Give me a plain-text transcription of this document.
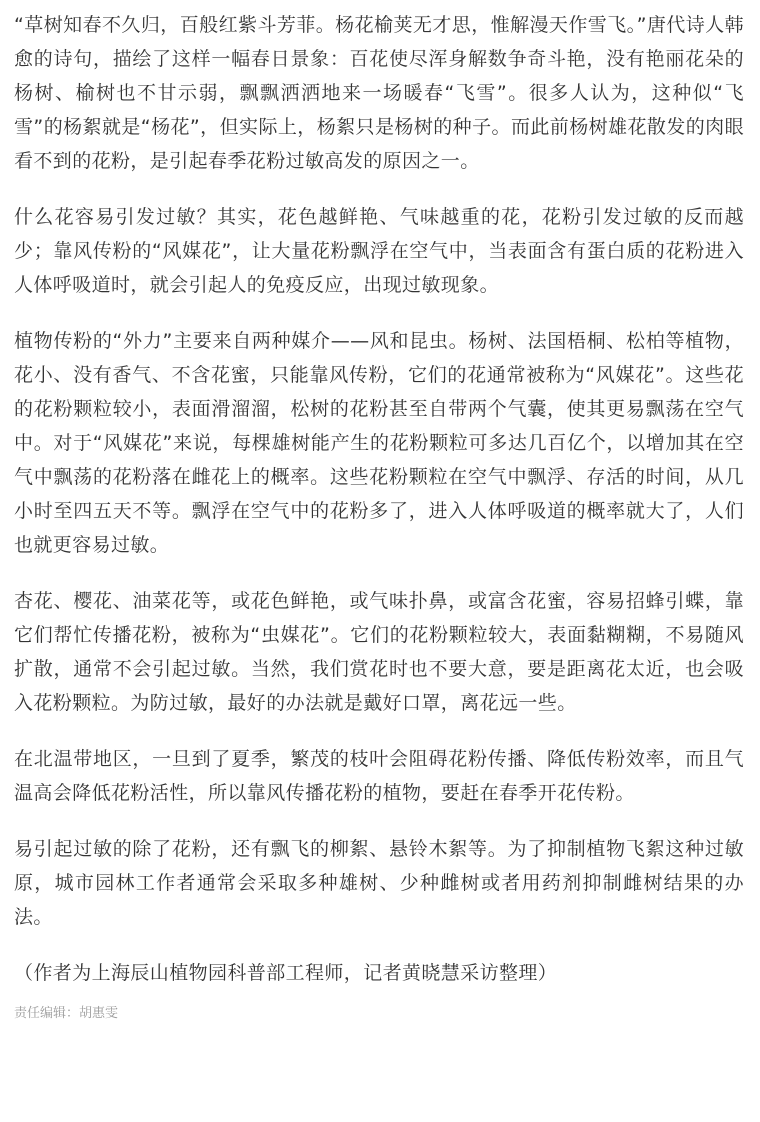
“草树知春不久归，百般红紫斗芳菲。杨花榆荚无才思，惟解漫天作雪飞。”唐代诗人韩愈的诗句，描绘了这样一幅春日景象：百花使尽浑身解数争奇斗艳，没有艳丽花朵的杨树、榆树也不甘示弱，飘飘洒洒地来一场暖春“飞雪”。很多人认为，这种似“飞雪”的杨絮就是“杨花”，但实际上，杨絮只是杨树的种子。而此前杨树雄花散发的肉眼看不到的花粉，是引起春季花粉过敏高发的原因之一。

什么花容易引发过敏？其实，花色越鲜艳、气味越重的花，花粉引发过敏的反而越少；靠风传粉的“风媒花”，让大量花粉飘浮在空气中，当表面含有蛋白质的花粉进入人体呼吸道时，就会引起人的免疫反应，出现过敏现象。

植物传粉的“外力”主要来自两种媒介——风和昆虫。杨树、法国梧桐、松柏等植物，花小、没有香气、不含花蜜，只能靠风传粉，它们的花通常被称为“风媒花”。这些花的花粉颗粒较小，表面滑溜溜，松树的花粉甚至自带两个气囊，使其更易飘荡在空气中。对于“风媒花”来说，每棵雄树能产生的花粉颗粒可多达几百亿个，以增加其在空气中飘荡的花粉落在雌花上的概率。这些花粉颗粒在空气中飘浮、存活的时间，从几小时至四五天不等。飘浮在空气中的花粉多了，进入人体呼吸道的概率就大了，人们也就更容易过敏。

杏花、樱花、油菜花等，或花色鲜艳，或气味扑鼻，或富含花蜜，容易招蜂引蝶，靠它们帮忙传播花粉，被称为“虫媒花”。它们的花粉颗粒较大，表面黏糊糊，不易随风扩散，通常不会引起过敏。当然，我们赏花时也不要大意，要是距离花太近，也会吸入花粉颗粒。为防过敏，最好的办法就是戴好口罩，离花远一些。

在北温带地区，一旦到了夏季，繁茂的枝叶会阻碍花粉传播、降低传粉效率，而且气温高会降低花粉活性，所以靠风传播花粉的植物，要赶在春季开花传粉。

易引起过敏的除了花粉，还有飘飞的柳絮、悬铃木絮等。为了抑制植物飞絮这种过敏原，城市园林工作者通常会采取多种雄树、少种雌树或者用药剂抑制雌树结果的办法。

（作者为上海辰山植物园科普部工程师，记者黄晓慧采访整理）

责任编辑：胡惠雯
